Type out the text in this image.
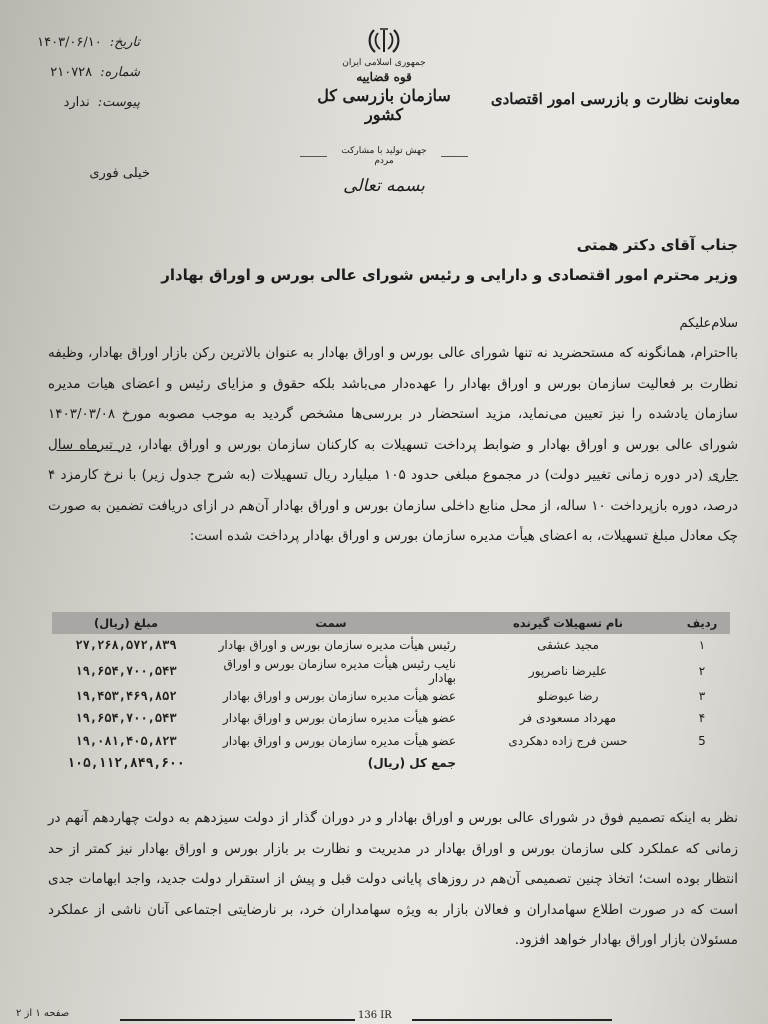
تاریخ:
۱۴۰۳/۰۶/۱۰
شماره:
۲۱۰۷۲۸
پیوست:
ندارد
خیلی فوری
جمهوری اسلامی ایران
قوه قضاییه
سازمان بازرسی کل کشور
جهش تولید با مشارکت مردم
بسمه تعالی
معاونت نظارت و بازرسی امور اقتصادی
جناب آقای دکتر همتی
وزیر محترم امور اقتصادی و دارایی و رئیس شورای عالی بورس و اوراق بهادار
سلام‌علیکم
بااحترام، همانگونه که مستحضرید نه تنها شورای عالی بورس و اوراق بهادار به عنوان بالاترین رکن بازار اوراق بهادار، وظیفه نظارت بر فعالیت سازمان بورس و اوراق بهادار را عهده‌دار می‌باشد بلکه حقوق و مزایای رئیس و اعضای هیات مدیره سازمان یادشده را نیز تعیین می‌نماید، مزید استحضار در بررسی‌ها مشخص گردید به موجب مصوبه مورخ ۱۴۰۳/۰۳/۰۸ شورای عالی بورس و اوراق بهادار و ضوابط پرداخت تسهیلات به کارکنان سازمان بورس و اوراق بهادار، در تیرماه سال جاری (در دوره زمانی تغییر دولت) در مجموع مبلغی حدود ۱۰۵ میلیارد ریال تسهیلات (به شرح جدول زیر) با نرخ کارمزد ۴ درصد، دوره بازپرداخت ۱۰ ساله، از محل منابع داخلی سازمان بورس و اوراق بهادار آن‌هم در ازای دریافت تضمین به صورت چک معادل مبلغ تسهیلات، به اعضای هیأت مدیره سازمان بورس و اوراق بهادار پرداخت شده است:
ردیف	نام تسهیلات گیرنده	سمت	مبلغ (ریال)
۱	مجید عشقی	رئیس هیأت مدیره سازمان بورس و اوراق بهادار	۲۷,۲۶۸,۵۷۲,۸۳۹
۲	علیرضا ناصرپور	نایب رئیس هیأت مدیره سازمان بورس و اوراق بهادار	۱۹,۶۵۴,۷۰۰,۵۴۳
۳	رضا عیوضلو	عضو هیأت مدیره سازمان بورس و اوراق بهادار	۱۹,۴۵۳,۴۶۹,۸۵۲
۴	مهرداد مسعودی فر	عضو هیأت مدیره سازمان بورس و اوراق بهادار	۱۹,۶۵۴,۷۰۰,۵۴۳
5	حسن فرج زاده دهکردی	عضو هیأت مدیره سازمان بورس و اوراق بهادار	۱۹,۰۸۱,۴۰۵,۸۲۳
		جمع کل (ریال)	۱۰۵,۱۱۲,۸۴۹,۶۰۰
نظر به اینکه تصمیم فوق در شورای عالی بورس و اوراق بهادار و در دوران گذار از دولت سیزدهم به دولت چهاردهم آنهم در زمانی که عملکرد کلی سازمان بورس و اوراق بهادار در مدیریت و نظارت بر بازار بورس و اوراق بهادار نیز کمتر از حد انتظار بوده است؛ اتخاذ چنین تصمیمی آن‌هم در روزهای پایانی دولت قبل و پیش از استقرار دولت جدید، واجد ابهامات جدی است که در صورت اطلاع سهامداران و فعالان بازار به ویژه سهامداران خرد، بر نارضایتی اجتماعی آنان ناشی از عملکرد مسئولان بازار اوراق بهادار خواهد افزود.
صفحه ۱ از ۲	136 IR
